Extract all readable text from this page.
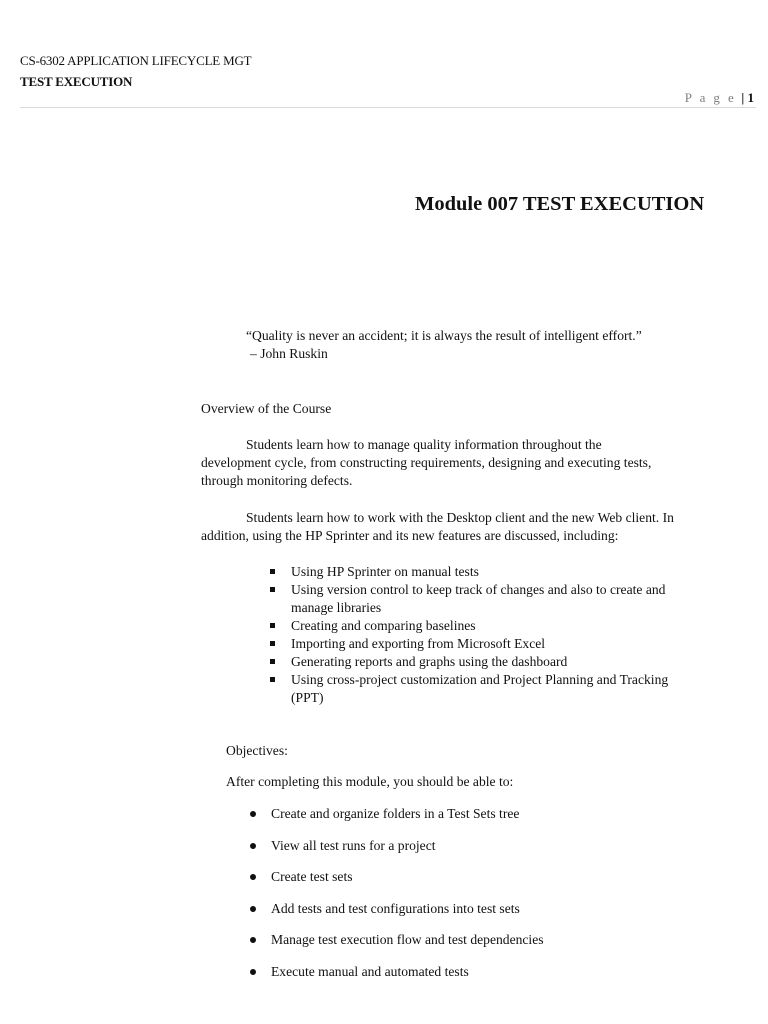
CS-6302 APPLICATION LIFECYCLE MGT
TEST EXECUTION
P a g e | 1
Module 007 TEST EXECUTION
“Quality is never an accident; it is always the result of intelligent effort.”
– John Ruskin
Overview of the Course

Students learn how to manage quality information throughout the

development cycle, from constructing requirements, designing and executing tests,

through monitoring defects.

Students learn how to work with the Desktop client and the new Web client. In

addition, using the HP Sprinter and its new features are discussed, including:

Using HP Sprinter on manual tests
Using version control to keep track of changes and also to create and
manage libraries
Creating and comparing baselines
Importing and exporting from Microsoft Excel
Generating reports and graphs using the dashboard
Using cross-project customization and Project Planning and Tracking
(PPT)
Objectives:
After completing this module, you should be able to:
Create and organize folders in a Test Sets tree
View all test runs for a project
Create test sets
Add tests and test configurations into test sets
Manage test execution flow and test dependencies
Execute manual and automated tests
